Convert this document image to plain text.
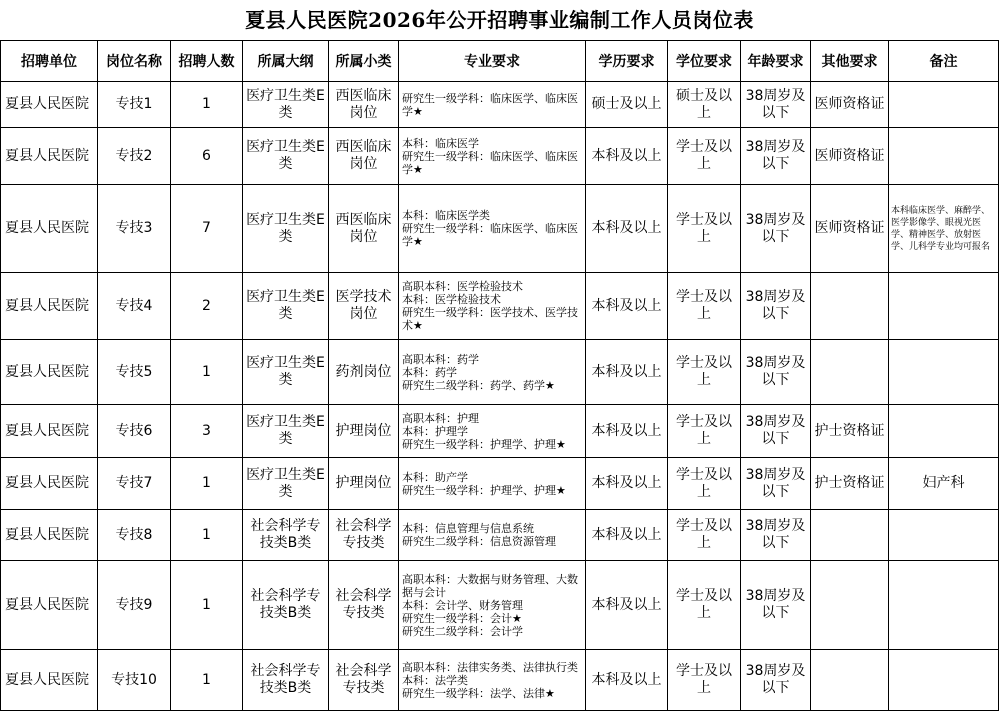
夏县人民医院2026年公开招聘事业编制工作人员岗位表
招聘单位	岗位名称	招聘人数	所属大纲	所属小类	专业要求	学历要求	学位要求	年龄要求	其他要求	备注
夏县人民医院	专技1	1	医疗卫生类E类	西医临床岗位	研究生一级学科：临床医学、临床医学★	硕士及以上	硕士及以上	38周岁及以下	医师资格证	
夏县人民医院	专技2	6	医疗卫生类E类	西医临床岗位	本科：临床医学
研究生一级学科：临床医学、临床医学★	本科及以上	学士及以上	38周岁及以下	医师资格证	
夏县人民医院	专技3	7	医疗卫生类E类	西医临床岗位	本科：临床医学类
研究生一级学科：临床医学、临床医学★	本科及以上	学士及以上	38周岁及以下	医师资格证	本科临床医学、麻醉学、医学影像学、眼视光医学、精神医学、放射医学、儿科学专业均可报名
夏县人民医院	专技4	2	医疗卫生类E类	医学技术岗位	高职本科：医学检验技术
本科：医学检验技术
研究生一级学科：医学技术、医学技术★	本科及以上	学士及以上	38周岁及以下		
夏县人民医院	专技5	1	医疗卫生类E类	药剂岗位	高职本科：药学
本科：药学
研究生二级学科：药学、药学★	本科及以上	学士及以上	38周岁及以下		
夏县人民医院	专技6	3	医疗卫生类E类	护理岗位	高职本科：护理
本科：护理学
研究生一级学科：护理学、护理★	本科及以上	学士及以上	38周岁及以下	护士资格证	
夏县人民医院	专技7	1	医疗卫生类E类	护理岗位	本科：助产学
研究生一级学科：护理学、护理★	本科及以上	学士及以上	38周岁及以下	护士资格证	妇产科
夏县人民医院	专技8	1	社会科学专技类B类	社会科学专技类	本科：信息管理与信息系统
研究生二级学科：信息资源管理	本科及以上	学士及以上	38周岁及以下		
夏县人民医院	专技9	1	社会科学专技类B类	社会科学专技类	高职本科：大数据与财务管理、大数据与会计
本科：会计学、财务管理
研究生一级学科：会计★
研究生二级学科：会计学	本科及以上	学士及以上	38周岁及以下		
夏县人民医院	专技10	1	社会科学专技类B类	社会科学专技类	高职本科：法律实务类、法律执行类
本科：法学类
研究生一级学科：法学、法律★	本科及以上	学士及以上	38周岁及以下		
